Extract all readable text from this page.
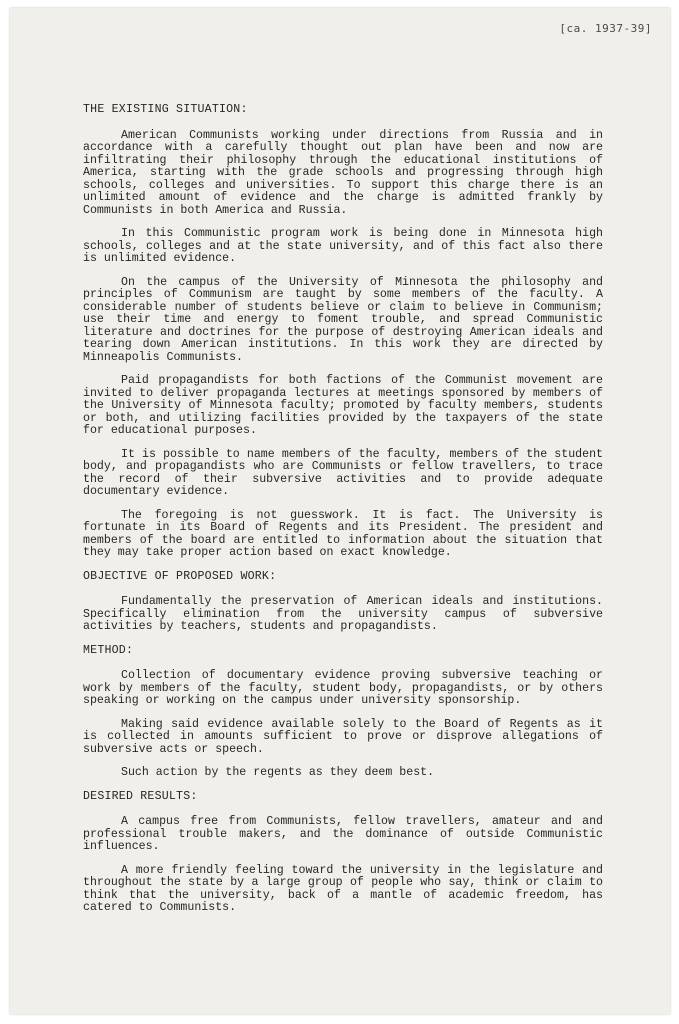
[ca. 1937-39]
THE EXISTING SITUATION:

American Communists working under directions from Russia and in accordance with a carefully thought out plan have been and now are infiltrating their philosophy through the educational institutions of America, starting with the grade schools and progressing through high schools, colleges and universities. To support this charge there is an unlimited amount of evidence and the charge is admitted frankly by Communists in both America and Russia.

In this Communistic program work is being done in Minnesota high schools, colleges and at the state university, and of this fact also there is unlimited evidence.

On the campus of the University of Minnesota the philosophy and principles of Communism are taught by some members of the faculty. A considerable number of students believe or claim to believe in Communism; use their time and energy to foment trouble, and spread Communistic literature and doctrines for the purpose of destroying American ideals and tearing down American institutions. In this work they are directed by Minneapolis Communists.

Paid propagandists for both factions of the Communist movement are invited to deliver propaganda lectures at meetings sponsored by members of the University of Minnesota faculty; promoted by faculty members, students or both, and utilizing facilities provided by the taxpayers of the state for educational purposes.

It is possible to name members of the faculty, members of the student body, and propagandists who are Communists or fellow travellers, to trace the record of their subversive activities and to provide adequate documentary evidence.

The foregoing is not guesswork. It is fact. The University is fortunate in its Board of Regents and its President. The president and members of the board are entitled to information about the situation that they may take proper action based on exact knowledge.

OBJECTIVE OF PROPOSED WORK:

Fundamentally the preservation of American ideals and institutions. Specifically elimination from the university campus of subversive activities by teachers, students and propagandists.

METHOD:

Collection of documentary evidence proving subversive teaching or work by members of the faculty, student body, propagandists, or by others speaking or working on the campus under university sponsorship.

Making said evidence available solely to the Board of Regents as it is collected in amounts sufficient to prove or disprove allegations of subversive acts or speech.

Such action by the regents as they deem best.

DESIRED RESULTS:

A campus free from Communists, fellow travellers, amateur and and professional trouble makers, and the dominance of outside Communistic influences.

A more friendly feeling toward the university in the legislature and throughout the state by a large group of people who say, think or claim to think that the university, back of a mantle of academic freedom, has catered to Communists.
